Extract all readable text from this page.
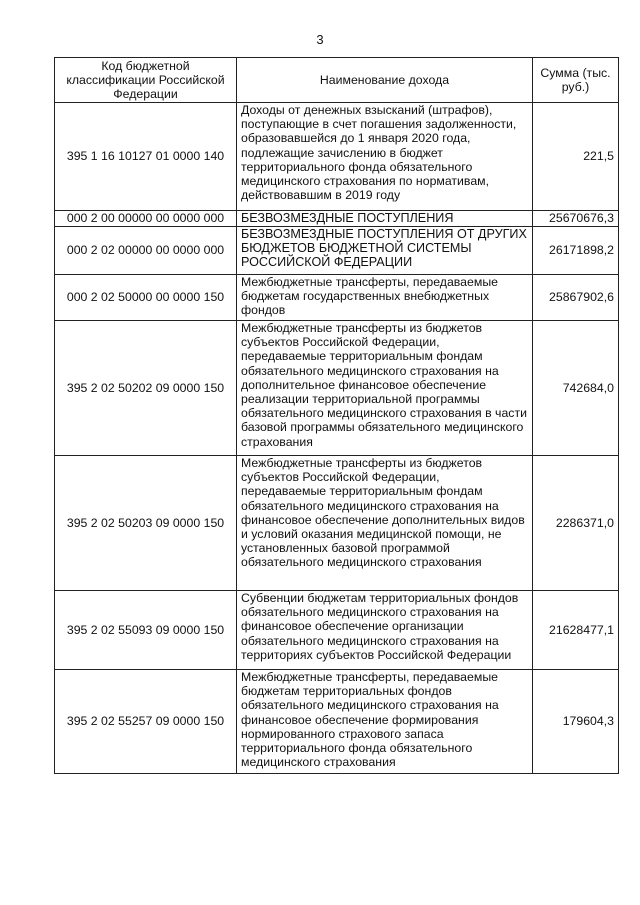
3
Код бюджетной классификации Российской Федерации	Наименование дохода	Сумма (тыс. руб.)
395 1 16 10127 01 0000 140	Доходы от денежных взысканий (штрафов), поступающие в счет погашения задолженности, образовавшейся до 1 января 2020 года, подлежащие зачислению в бюджет территориального фонда обязательного медицинского страхования по нормативам, действовавшим в 2019 году	221,5
000 2 00 00000 00 0000 000	БЕЗВОЗМЕЗДНЫЕ ПОСТУПЛЕНИЯ	25670676,3
000 2 02 00000 00 0000 000	БЕЗВОЗМЕЗДНЫЕ ПОСТУПЛЕНИЯ ОТ ДРУГИХ БЮДЖЕТОВ БЮДЖЕТНОЙ СИСТЕМЫ РОССИЙСКОЙ ФЕДЕРАЦИИ	26171898,2
000 2 02 50000 00 0000 150	Межбюджетные трансферты, передаваемые бюджетам государственных внебюджетных фондов	25867902,6
395 2 02 50202 09 0000 150	Межбюджетные трансферты из бюджетов субъектов Российской Федерации, передаваемые территориальным фондам обязательного медицинского страхования на дополнительное финансовое обеспечение реализации территориальной программы обязательного медицинского страхования в части базовой программы обязательного медицинского страхования	742684,0
395 2 02 50203 09 0000 150	Межбюджетные трансферты из бюджетов субъектов Российской Федерации, передаваемые территориальным фондам обязательного медицинского страхования на финансовое обеспечение дополнительных видов и условий оказания медицинской помощи, не установленных базовой программой обязательного медицинского страхования	2286371,0
395 2 02 55093 09 0000 150	Субвенции бюджетам территориальных фондов обязательного медицинского страхования на финансовое обеспечение организации обязательного медицинского страхования на территориях субъектов Российской Федерации	21628477,1
395 2 02 55257 09 0000 150	Межбюджетные трансферты, передаваемые бюджетам территориальных фондов обязательного медицинского страхования на финансовое обеспечение формирования нормированного страхового запаса территориального фонда обязательного медицинского страхования	179604,3
